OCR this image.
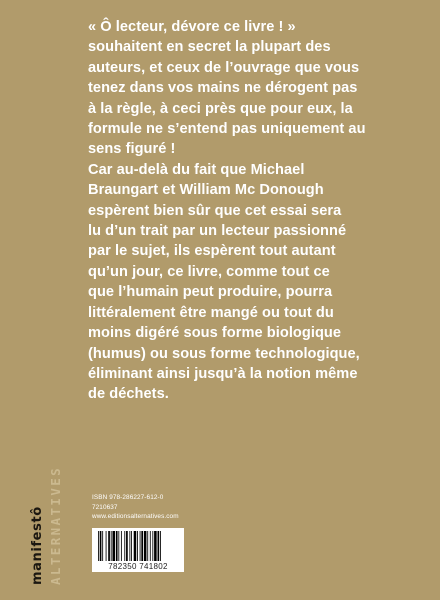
« Ô lecteur, dévore ce livre ! »
souhaitent en secret la plupart des
auteurs, et ceux de l’ouvrage que vous
tenez dans vos mains ne dérogent pas
à la règle, à ceci près que pour eux, la
formule ne s’entend pas uniquement au
sens figuré !
Car au-delà du fait que Michael
Braungart et William Mc Donough
espèrent bien sûr que cet essai sera
lu d’un trait par un lecteur passionné
par le sujet, ils espèrent tout autant
qu’un jour, ce livre, comme tout ce
que l’humain peut produire, pourra
littéralement être mangé ou tout du
moins digéré sous forme biologique
(humus) ou sous forme technologique,
éliminant ainsi jusqu’à la notion même
de déchets.
manifestô ALTERNATIVES	ISBN 978-286227-612-0
7210637
www.editionsalternatives.com
782350 741802
